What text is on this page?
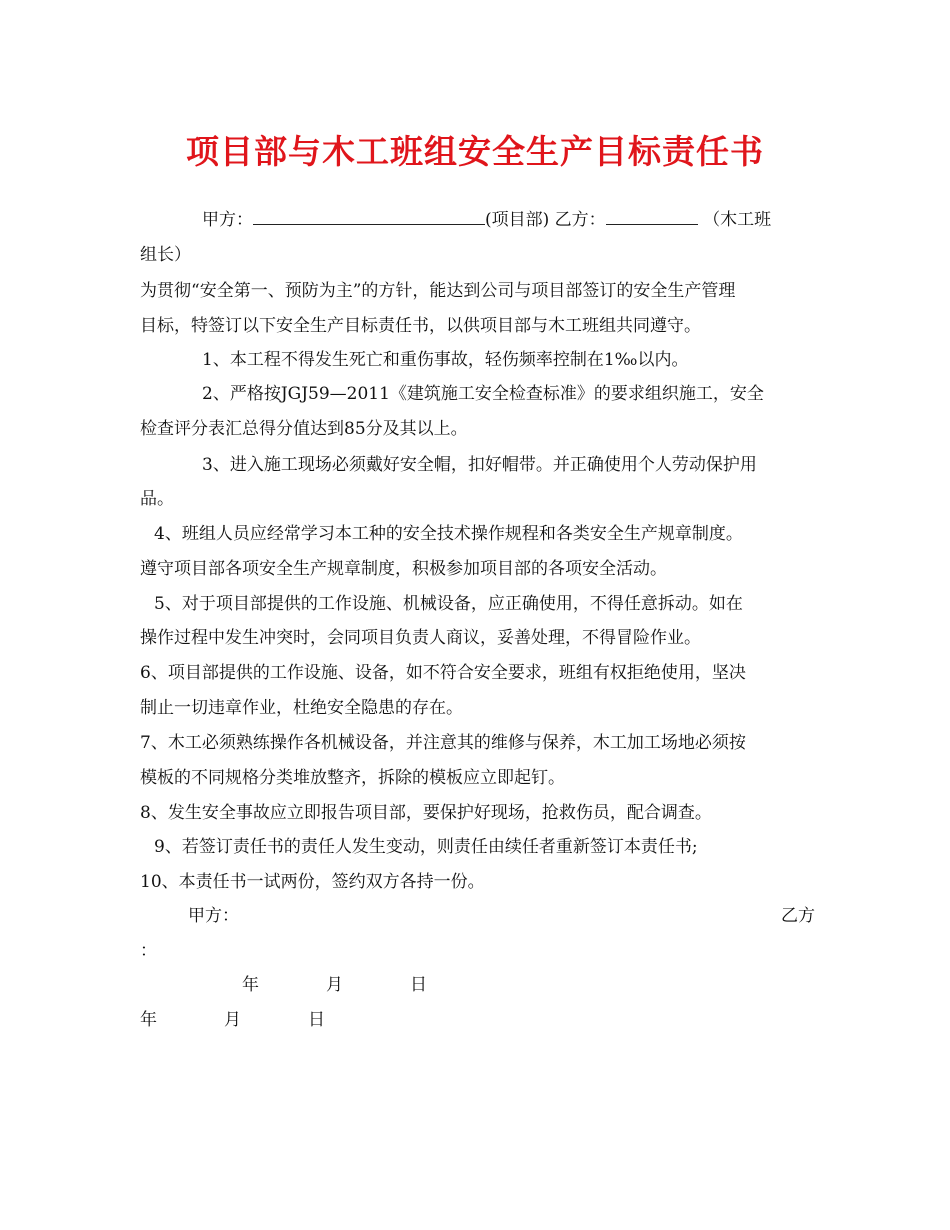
项目部与木工班组安全生产目标责任书
甲方：	(项目部) 乙方：	（木工班
组长）
为贯彻“安全第一、预防为主”的方针，能达到公司与项目部签订的安全生产管理
目标，特签订以下安全生产目标责任书，以供项目部与木工班组共同遵守。
1、本工程不得发生死亡和重伤事故，轻伤频率控制在1‰以内。
2、严格按JGJ59—2011《建筑施工安全检查标准》的要求组织施工，安全
检查评分表汇总得分值达到85分及其以上。
3、进入施工现场必须戴好安全帽，扣好帽带。并正确使用个人劳动保护用
品。
4、班组人员应经常学习本工种的安全技术操作规程和各类安全生产规章制度。
遵守项目部各项安全生产规章制度，积极参加项目部的各项安全活动。
5、对于项目部提供的工作设施、机械设备，应正确使用，不得任意拆动。如在
操作过程中发生冲突时，会同项目负责人商议，妥善处理，不得冒险作业。
6、项目部提供的工作设施、设备，如不符合安全要求，班组有权拒绝使用，坚决
制止一切违章作业，杜绝安全隐患的存在。
7、木工必须熟练操作各机械设备，并注意其的维修与保养，木工加工场地必须按
模板的不同规格分类堆放整齐，拆除的模板应立即起钉。
8、发生安全事故应立即报告项目部，要保护好现场，抢救伤员，配合调查。
9、若签订责任书的责任人发生变动，则责任由续任者重新签订本责任书;
10、本责任书一试两份，签约双方各持一份。
甲方：	乙方
：
年	月	日
年	月	日
